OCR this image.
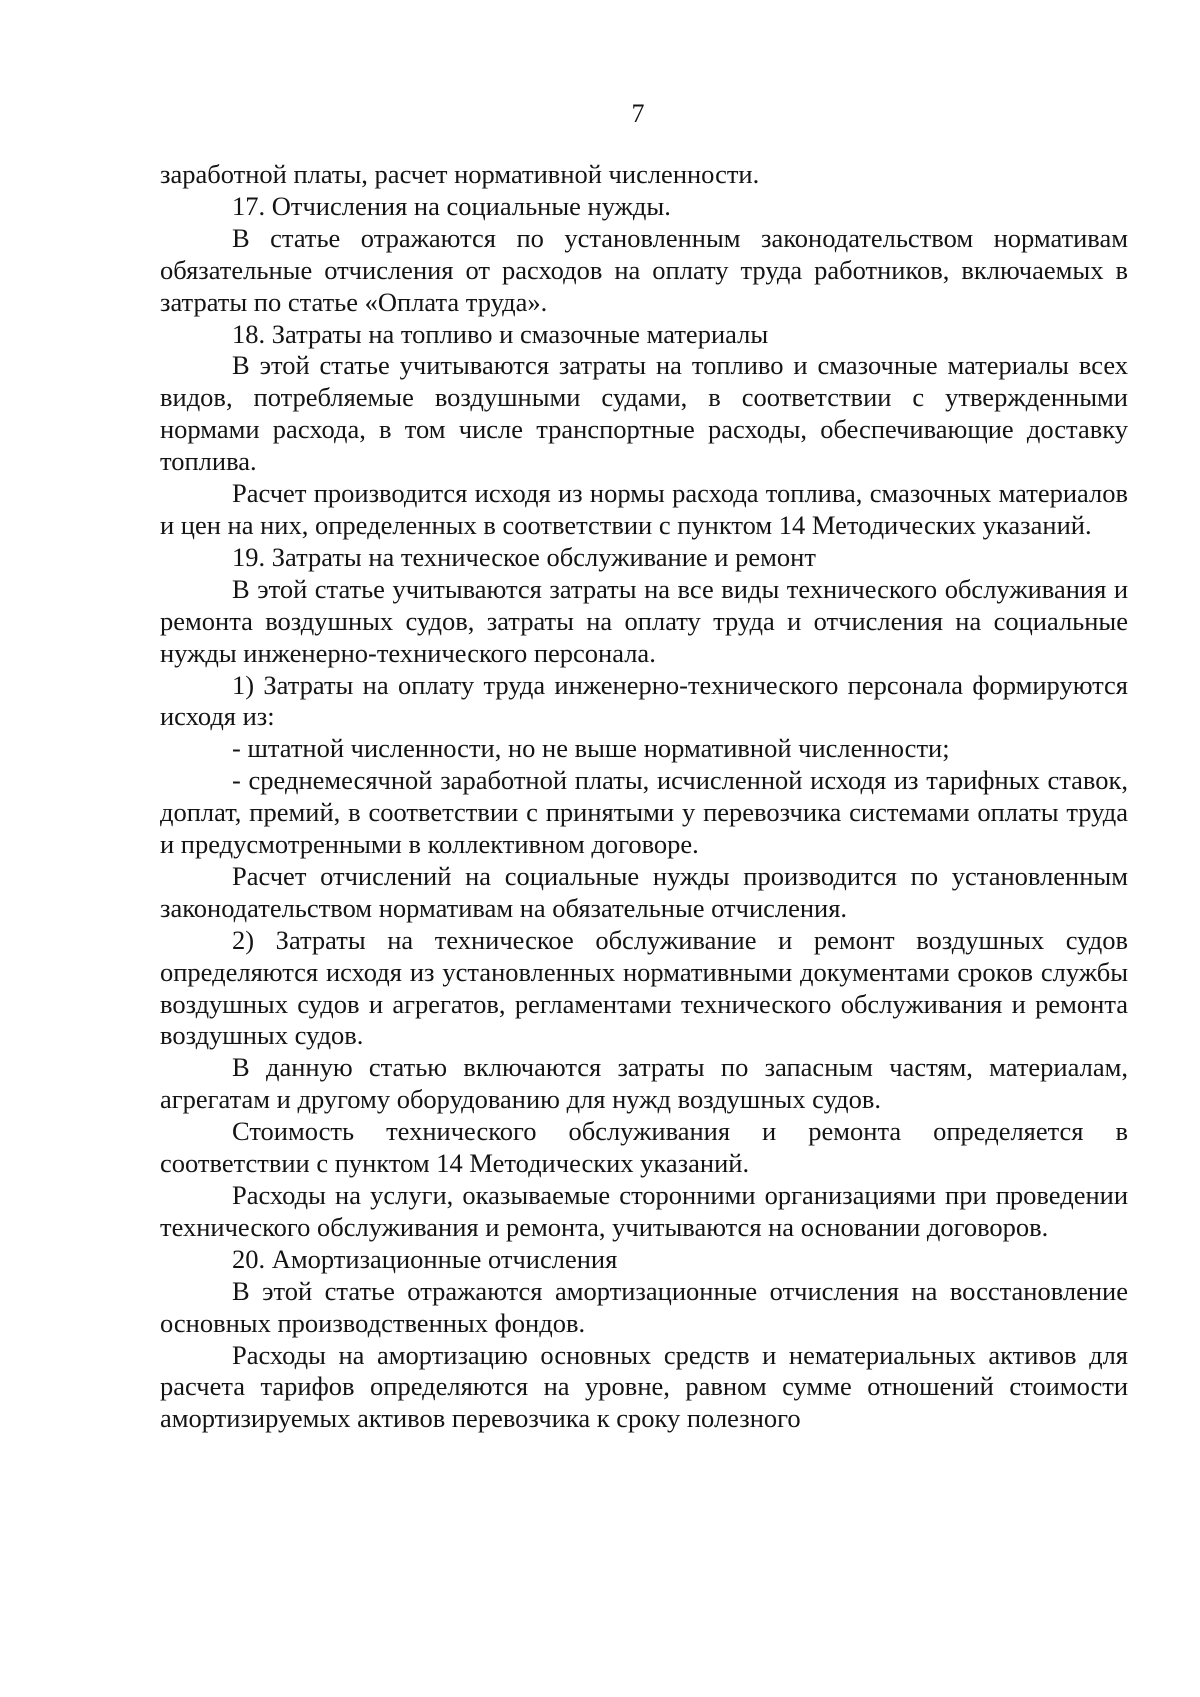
7

заработной платы, расчет нормативной численности.

17. Отчисления на социальные нужды.

В статье отражаются по установленным законодательством нормативам обязательные отчисления от расходов на оплату труда работников, включаемых в затраты по статье «Оплата труда».

18. Затраты на топливо и смазочные материалы

В этой статье учитываются затраты на топливо и смазочные материалы всех видов, потребляемые воздушными судами, в соответствии с утвержденными нормами расхода, в том числе транспортные расходы, обеспечивающие доставку топлива.

Расчет производится исходя из нормы расхода топлива, смазочных материалов и цен на них, определенных в соответствии с пунктом 14 Методических указаний.

19. Затраты на техническое обслуживание и ремонт

В этой статье учитываются затраты на все виды технического обслуживания и ремонта воздушных судов, затраты на оплату труда и отчисления на социальные нужды инженерно-технического персонала.

1) Затраты на оплату труда инженерно-технического персонала формируются исходя из:

- штатной численности, но не выше нормативной численности;

- среднемесячной заработной платы, исчисленной исходя из тарифных ставок, доплат, премий, в соответствии с принятыми у перевозчика системами оплаты труда и предусмотренными в коллективном договоре.

Расчет отчислений на социальные нужды производится по установленным законодательством нормативам на обязательные отчисления.

2) Затраты на техническое обслуживание и ремонт воздушных судов определяются исходя из установленных нормативными документами сроков службы воздушных судов и агрегатов, регламентами технического обслуживания и ремонта воздушных судов.

В данную статью включаются затраты по запасным частям, материалам, агрегатам и другому оборудованию для нужд воздушных судов.

Стоимость технического обслуживания и ремонта определяется в соответствии с пунктом 14 Методических указаний.

Расходы на услуги, оказываемые сторонними организациями при проведении технического обслуживания и ремонта, учитываются на основании договоров.

20. Амортизационные отчисления

В этой статье отражаются амортизационные отчисления на восстановление основных производственных фондов.

Расходы на амортизацию основных средств и нематериальных активов для расчета тарифов определяются на уровне, равном сумме отношений стоимости амортизируемых активов перевозчика к сроку полезного
